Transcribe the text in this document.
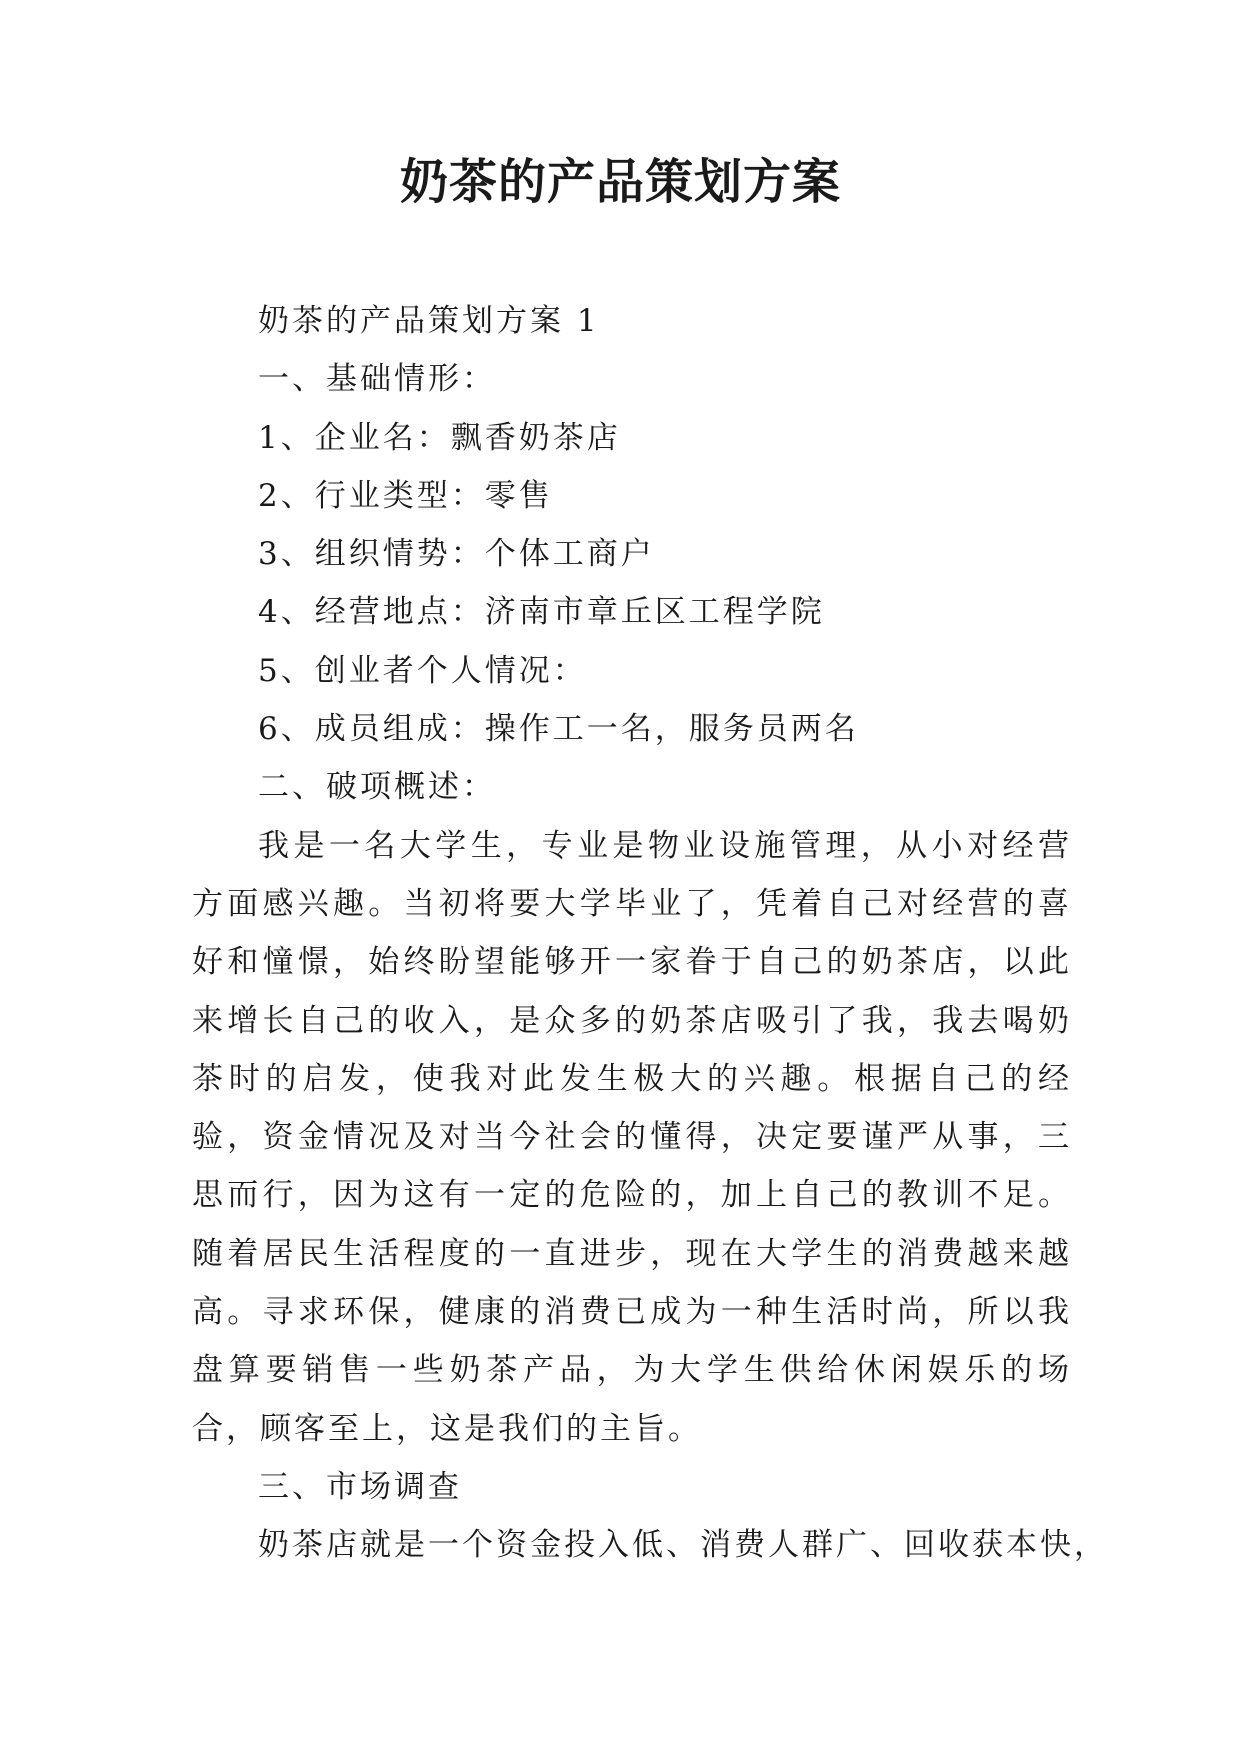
奶茶的产品策划方案

奶茶的产品策划方案 1

一、基础情形：

1、企业名：飘香奶茶店

2、行业类型：零售

3、组织情势：个体工商户

4、经营地点：济南市章丘区工程学院

5、创业者个人情况：

6、成员组成：操作工一名，服务员两名

二、破项概述：

我是一名大学生，专业是物业设施管理，从小对经营方面感兴趣。当初将要大学毕业了，凭着自己对经营的喜好和憧憬，始终盼望能够开一家眷于自己的奶茶店，以此来增长自己的收入，是众多的奶茶店吸引了我，我去喝奶茶时的启发，使我对此发生极大的兴趣。根据自己的经验，资金情况及对当今社会的懂得，决定要谨严从事，三思而行，因为这有一定的危险的，加上自己的教训不足。随着居民生活程度的一直进步，现在大学生的消费越来越高。寻求环保，健康的消费已成为一种生活时尚，所以我盘算要销售一些奶茶产品，为大学生供给休闲娱乐的场合，顾客至上，这是我们的主旨。

三、市场调查

奶茶店就是一个资金投入低、消费人群广、回收获本快，
